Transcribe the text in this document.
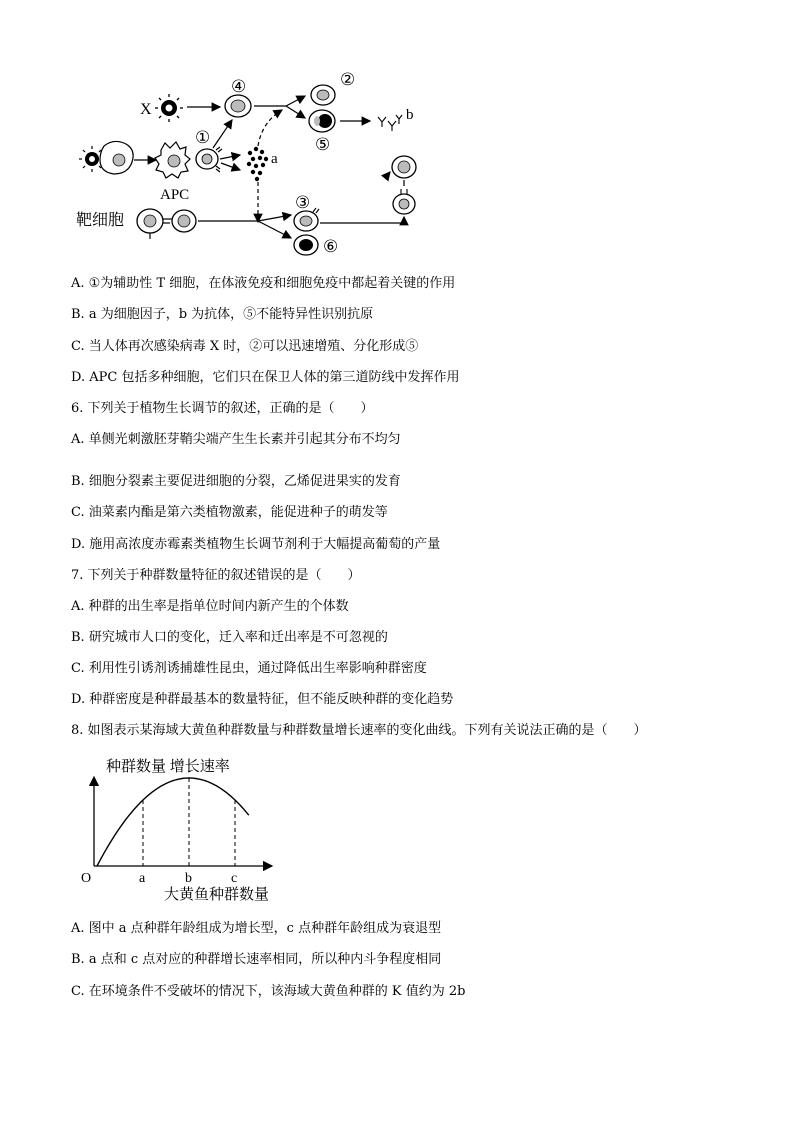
X
④	②
⑤
b
APC
①
a
靶细胞
③
⑥
A. ①为辅助性 T 细胞，在体液免疫和细胞免疫中都起着关键的作用
B. a 为细胞因子，b 为抗体，⑤不能特异性识别抗原
C. 当人体再次感染病毒 X 时，②可以迅速增殖、分化形成⑤
D. APC 包括多种细胞，它们只在保卫人体的第三道防线中发挥作用
6. 下列关于植物生长调节的叙述，正确的是（　　）
A. 单侧光刺激胚芽鞘尖端产生生长素并引起其分布不均匀
B. 细胞分裂素主要促进细胞的分裂，乙烯促进果实的发育
C. 油菜素内酯是第六类植物激素，能促进种子的萌发等
D. 施用高浓度赤霉素类植物生长调节剂利于大幅提高葡萄的产量
7. 下列关于种群数量特征的叙述错误的是（　　）
A. 种群的出生率是指单位时间内新产生的个体数
B. 研究城市人口的变化，迁入率和迁出率是不可忽视的
C. 利用性引诱剂诱捕雄性昆虫，通过降低出生率影响种群密度
D. 种群密度是种群最基本的数量特征，但不能反映种群的变化趋势
8. 如图表示某海域大黄鱼种群数量与种群数量增长速率的变化曲线。下列有关说法正确的是（　　）
种群数量 增长速率
O	a	b	c
大黄鱼种群数量
A. 图中 a 点种群年龄组成为增长型，c 点种群年龄组成为衰退型
B. a 点和 c 点对应的种群增长速率相同，所以种内斗争程度相同
C. 在环境条件不受破坏的情况下，该海域大黄鱼种群的 K 值约为 2b
